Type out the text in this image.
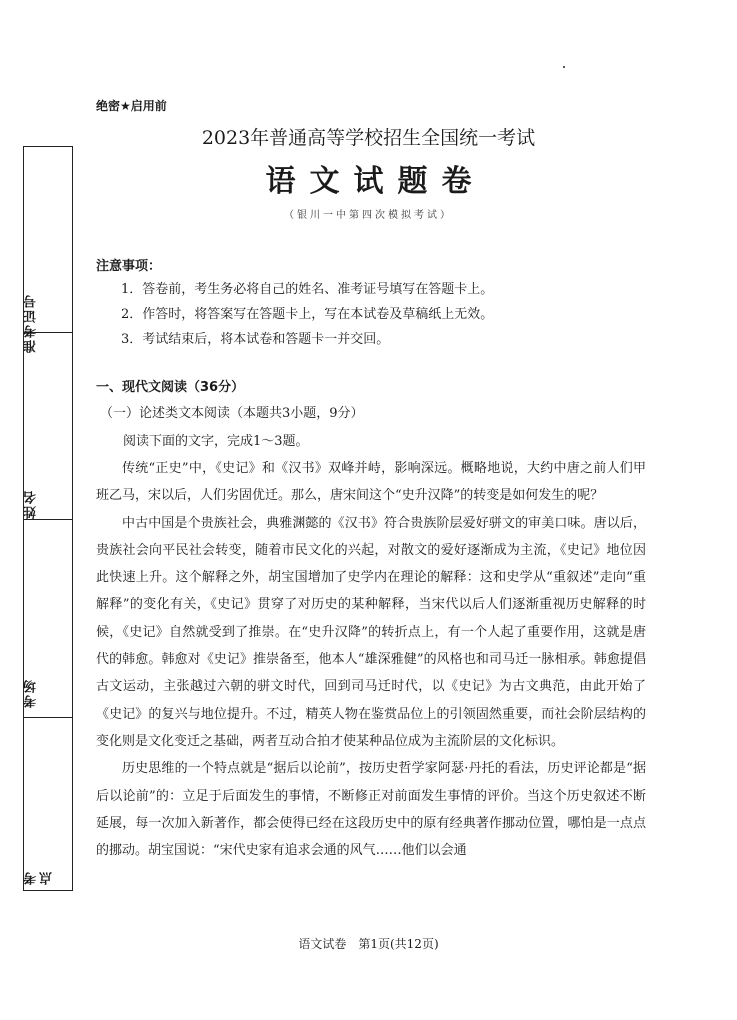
准考证号
姓名
考场
考点
绝密★启用前
2023年普通高等学校招生全国统一考试
语文试题卷
（银川一中第四次模拟考试）
注意事项：
1．答卷前，考生务必将自己的姓名、准考证号填写在答题卡上。
2．作答时，将答案写在答题卡上，写在本试卷及草稿纸上无效。
3．考试结束后，将本试卷和答题卡一并交回。
一、现代文阅读（36分）
（一）论述类文本阅读（本题共3小题，9分）
阅读下面的文字，完成1～3题。

传统“正史”中，《史记》和《汉书》双峰并峙，影响深远。概略地说，大约中唐之前人们甲班乙马，宋以后，人们劣固优迁。那么，唐宋间这个“史升汉降”的转变是如何发生的呢？

中古中国是个贵族社会，典雅渊懿的《汉书》符合贵族阶层爱好骈文的审美口味。唐以后，贵族社会向平民社会转变，随着市民文化的兴起，对散文的爱好逐渐成为主流，《史记》地位因此快速上升。这个解释之外，胡宝国增加了史学内在理论的解释：这和史学从“重叙述”走向“重解释”的变化有关，《史记》贯穿了对历史的某种解释，当宋代以后人们逐渐重视历史解释的时候，《史记》自然就受到了推崇。在“史升汉降”的转折点上，有一个人起了重要作用，这就是唐代的韩愈。韩愈对《史记》推崇备至，他本人“雄深雅健”的风格也和司马迁一脉相承。韩愈提倡古文运动，主张越过六朝的骈文时代，回到司马迁时代，以《史记》为古文典范，由此开始了《史记》的复兴与地位提升。不过，精英人物在鉴赏品位上的引领固然重要，而社会阶层结构的变化则是文化变迁之基础，两者互动合拍才使某种品位成为主流阶层的文化标识。

历史思维的一个特点就是“据后以论前”，按历史哲学家阿瑟·丹托的看法，历史评论都是“据后以论前”的：立足于后面发生的事情，不断修正对前面发生事情的评价。当这个历史叙述不断延展，每一次加入新著作，都会使得已经在这段历史中的原有经典著作挪动位置，哪怕是一点点的挪动。胡宝国说：“宋代史家有追求会通的风气……他们以会通

语文试卷　第1页(共12页)
